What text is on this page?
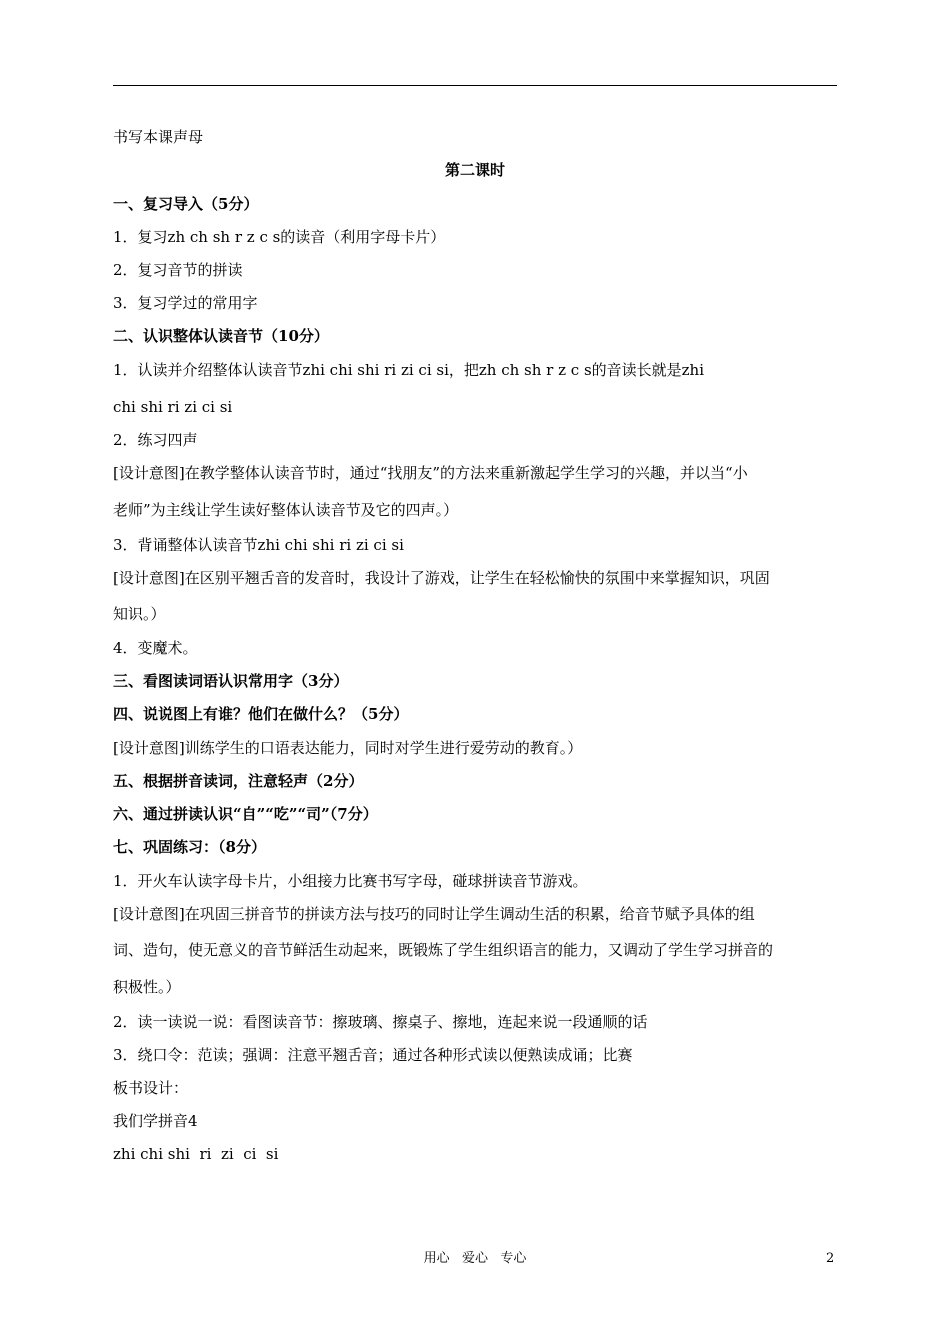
书写本课声母
第二课时
一、复习导入（5分）
1．复习zh ch sh r z c s的读音（利用字母卡片）
2．复习音节的拼读
3．复习学过的常用字
二、认识整体认读音节（10分）
1．认读并介绍整体认读音节zhi chi shi ri zi ci si，把zh ch sh r z c s的音读长就是zhi
chi shi ri zi ci si
2．练习四声
[设计意图]在教学整体认读音节时，通过“找朋友”的方法来重新激起学生学习的兴趣，并以当“小
老师”为主线让学生读好整体认读音节及它的四声。）
3．背诵整体认读音节zhi chi shi ri zi ci si
[设计意图]在区别平翘舌音的发音时，我设计了游戏，让学生在轻松愉快的氛围中来掌握知识，巩固
知识。）
4．变魔术。
三、看图读词语认识常用字（3分）
四、说说图上有谁？他们在做什么？（5分）
[设计意图]训练学生的口语表达能力，同时对学生进行爱劳动的教育。）
五、根据拼音读词，注意轻声（2分）
六、通过拼读认识“自”“吃”“司”（7分）
七、巩固练习：（8分）
1．开火车认读字母卡片，小组接力比赛书写字母，碰球拼读音节游戏。
[设计意图]在巩固三拼音节的拼读方法与技巧的同时让学生调动生活的积累，给音节赋予具体的组
词、造句，使无意义的音节鲜活生动起来，既锻炼了学生组织语言的能力，又调动了学生学习拼音的
积极性。）
2．读一读说一说：看图读音节：擦玻璃、擦桌子、擦地，连起来说一段通顺的话
3．绕口令：范读；强调：注意平翘舌音；通过各种形式读以便熟读成诵；比赛
板书设计：
我们学拼音4
zhi chi shi  ri  zi  ci  si
用心   爱心   专心	2
